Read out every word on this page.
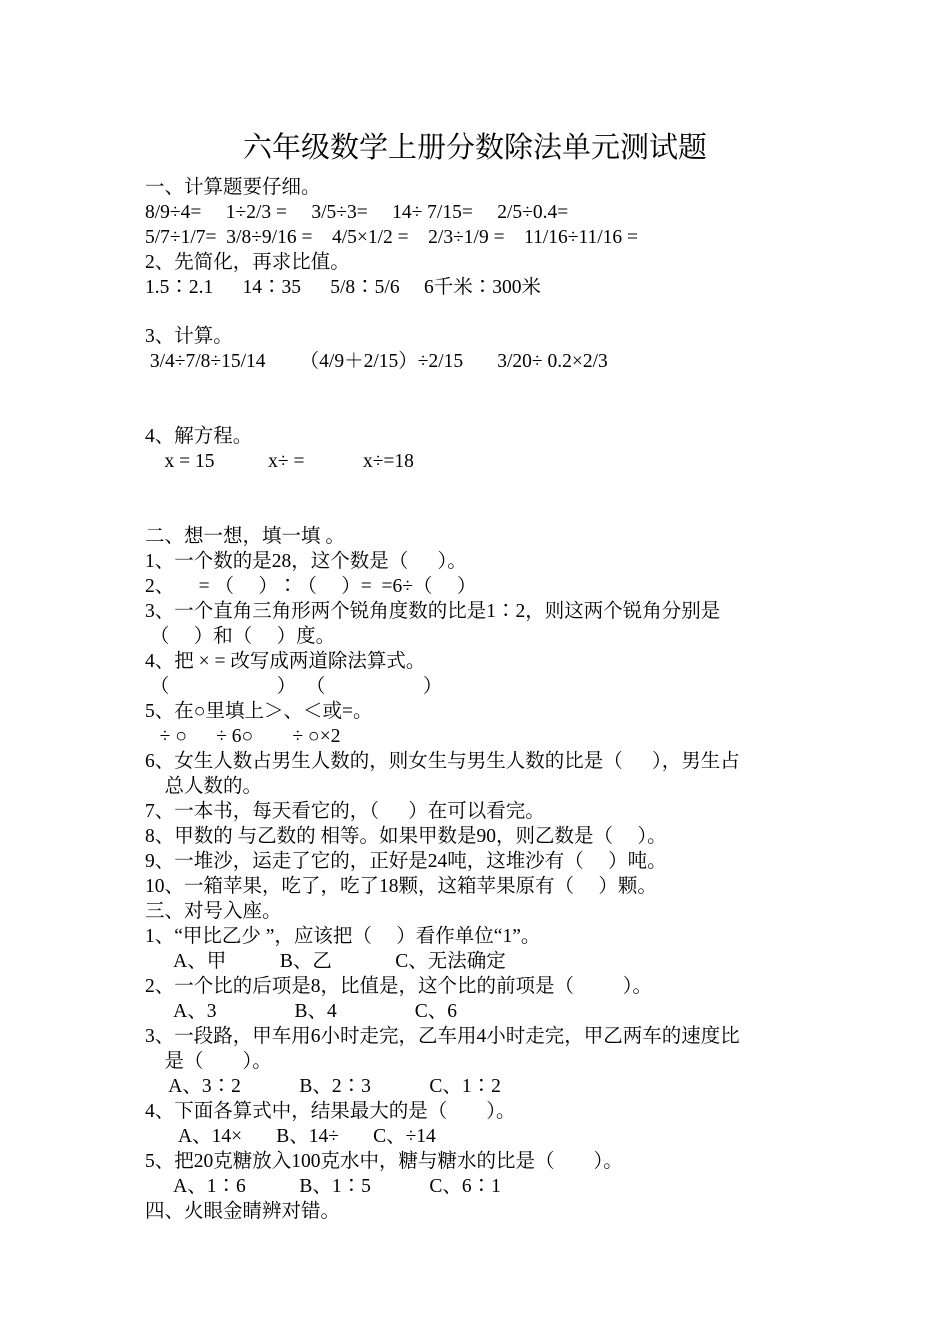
六年级数学上册分数除法单元测试题
一、计算题要仔细。
8/9÷4=     1÷2/3 =     3/5÷3=     14÷ 7/15=     2/5÷0.4=
5/7÷1/7=  3/8÷9/16 =    4/5×1/2 =    2/3÷1/9 =    11/16÷11/16 =
2、先简化，再求比值。
1.5∶2.1      14∶35      5/8∶5/6     6千米∶300米
3、计算。
3/4÷7/8÷15/14       （4/9＋2/15）÷2/15       3/20÷ 0.2×2/3
4、解方程。
x = 15           x÷ =            x÷=18
二、想一想，填一填 。
1、一个数的是28，这个数是（      ）。
2、     = （     ）∶（     ）=  =6÷（     ）
3、一个直角三角形两个锐角度数的比是1∶2，则这两个锐角分别是
（     ）和（     ）度。
4、把 × = 改写成两道除法算式。
（                      ）  （                    ）
5、在○里填上＞、＜或=。
÷ ○      ÷ 6○        ÷ ○×2
6、女生人数占男生人数的，则女生与男生人数的比是（      ），男生占
总人数的。
7、一本书，每天看它的，（      ）在可以看完。
8、甲数的 与乙数的 相等。如果甲数是90，则乙数是（     ）。
9、一堆沙，运走了它的，正好是24吨，这堆沙有（     ）吨。
10、一箱苹果，吃了，吃了18颗，这箱苹果原有（     ）颗。
三、对号入座。
1、“甲比乙少 ”，应该把（     ）看作单位“1”。
A、甲           B、乙             C、无法确定
2、一个比的后项是8，比值是，这个比的前项是（          ）。
A、3                B、4                C、6
3、一段路，甲车用6小时走完，乙车用4小时走完，甲乙两车的速度比
是（        ）。
A、3∶2            B、2∶3            C、1∶2
4、下面各算式中，结果最大的是（        ）。
A、14×       B、14÷       C、÷14
5、把20克糖放入100克水中，糖与糖水的比是（        ）。
A、1∶6           B、1∶5            C、6∶1
四、火眼金睛辨对错。
